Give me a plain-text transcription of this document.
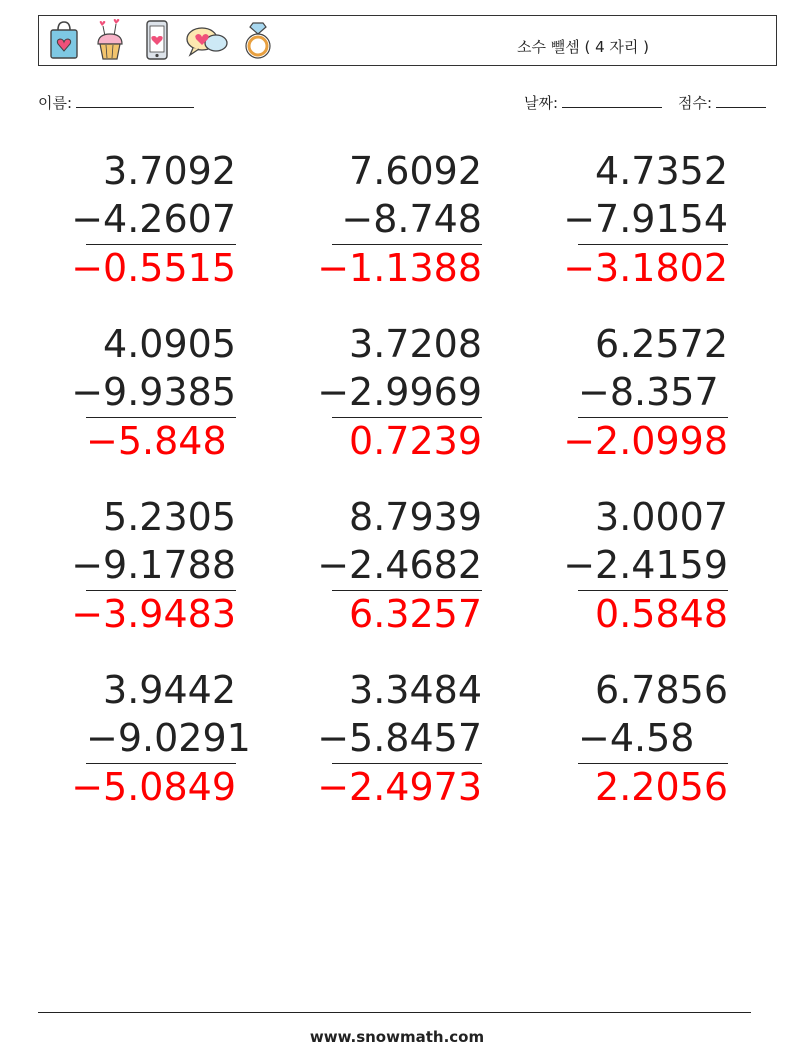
소수 뺄셈 ( 4 자리 )
이름:	날짜:	점수:
3.7092
−4.2607
−0.5515
7.6092
−8.748
−1.1388
4.7352
−7.9154
−3.1802
4.0905
−9.9385
−5.848
3.7208
−2.9969
0.7239
6.2572
−8.357
−2.0998
5.2305
−9.1788
−3.9483
8.7939
−2.4682
6.3257
3.0007
−2.4159
0.5848
3.9442
−9.0291
−5.0849
3.3484
−5.8457
−2.4973
6.7856
−4.58
2.2056
www.snowmath.com
